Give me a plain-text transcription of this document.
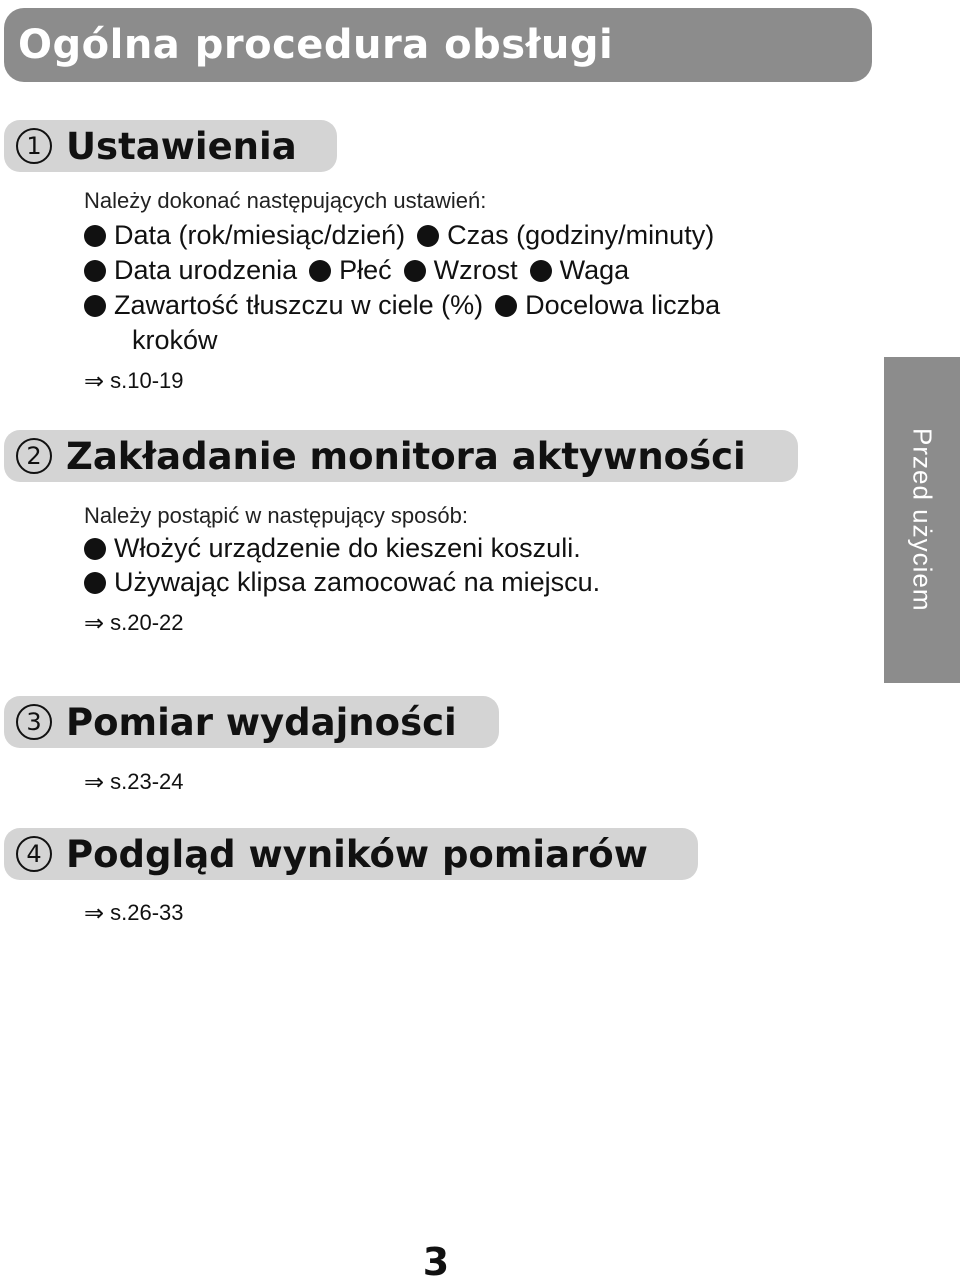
Ogólna procedura obsługi
1 Ustawienia
Należy dokonać następujących ustawień:
Data (rok/miesiąc/dzień) Czas (godziny/minuty)
Data urodzenia Płeć Wzrost Waga
Zawartość tłuszczu w ciele (%) Docelowa liczba
kroków
⇒ s.10-19
2 Zakładanie monitora aktywności
Należy postąpić w następujący sposób:
Włożyć urządzenie do kieszeni koszuli.
Używając klipsa zamocować na miejscu.
⇒ s.20-22
3 Pomiar wydajności
⇒ s.23-24
4 Podgląd wyników pomiarów
⇒ s.26-33
Przed użyciem
3
